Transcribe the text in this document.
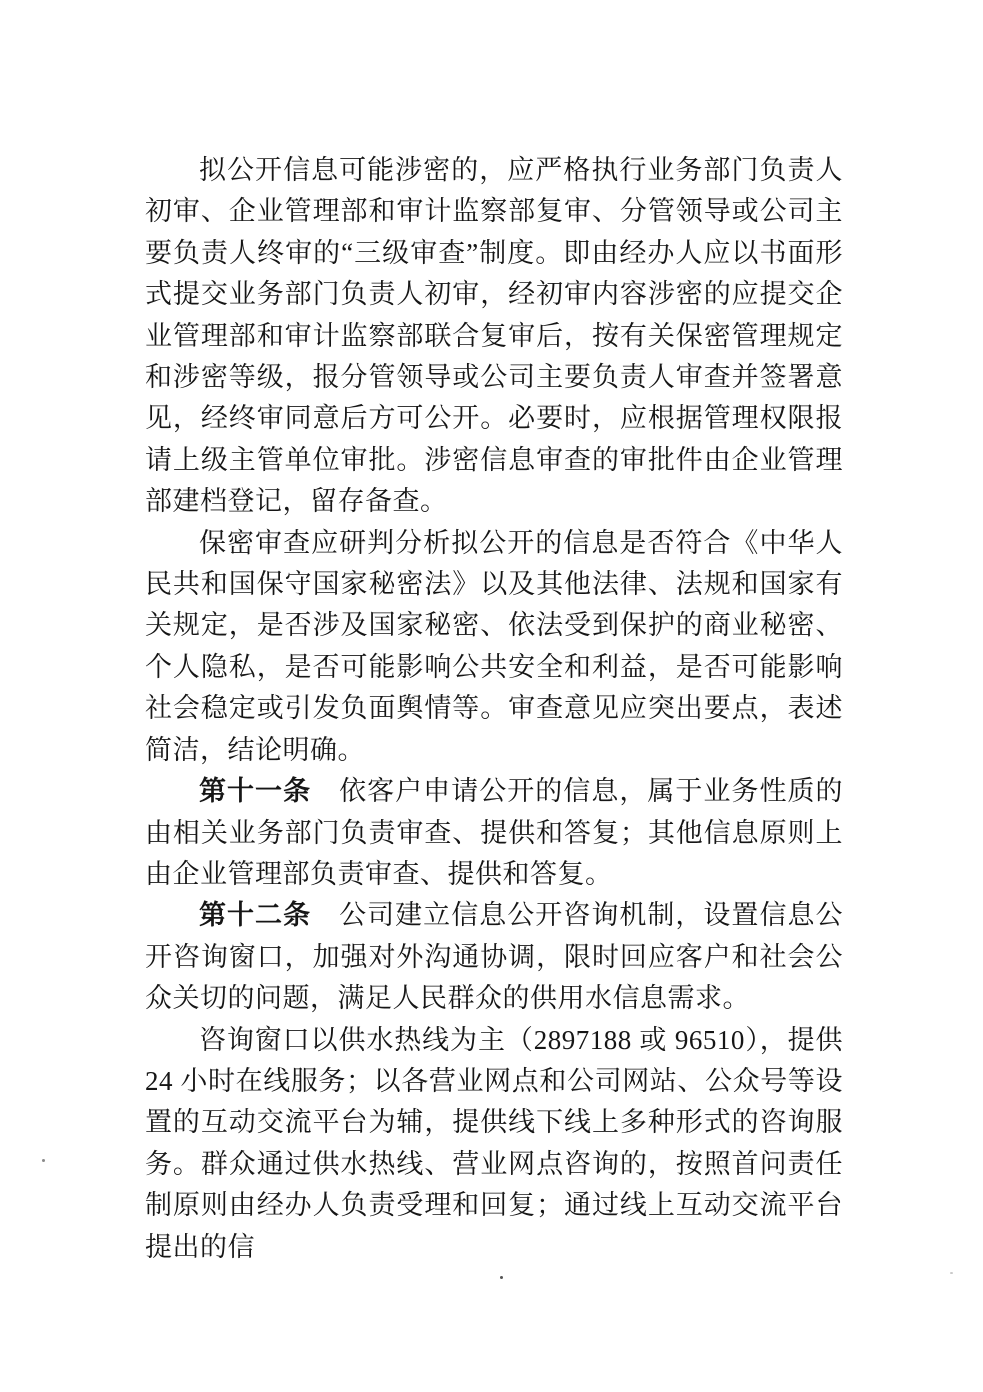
拟公开信息可能涉密的，应严格执行业务部门负责人初审、企业管理部和审计监察部复审、分管领导或公司主要负责人终审的“三级审查”制度。即由经办人应以书面形式提交业务部门负责人初审，经初审内容涉密的应提交企业管理部和审计监察部联合复审后，按有关保密管理规定和涉密等级，报分管领导或公司主要负责人审查并签署意见，经终审同意后方可公开。必要时，应根据管理权限报请上级主管单位审批。涉密信息审查的审批件由企业管理部建档登记，留存备查。

保密审查应研判分析拟公开的信息是否符合《中华人民共和国保守国家秘密法》以及其他法律、法规和国家有关规定，是否涉及国家秘密、依法受到保护的商业秘密、个人隐私，是否可能影响公共安全和利益，是否可能影响社会稳定或引发负面舆情等。审查意见应突出要点，表述简洁，结论明确。

第十一条　依客户申请公开的信息，属于业务性质的由相关业务部门负责审查、提供和答复；其他信息原则上由企业管理部负责审查、提供和答复。

第十二条　公司建立信息公开咨询机制，设置信息公开咨询窗口，加强对外沟通协调，限时回应客户和社会公众关切的问题，满足人民群众的供用水信息需求。

咨询窗口以供水热线为主（2897188 或 96510），提供 24 小时在线服务；以各营业网点和公司网站、公众号等设置的互动交流平台为辅，提供线下线上多种形式的咨询服务。群众通过供水热线、营业网点咨询的，按照首问责任制原则由经办人负责受理和回复；通过线上互动交流平台提出的信
